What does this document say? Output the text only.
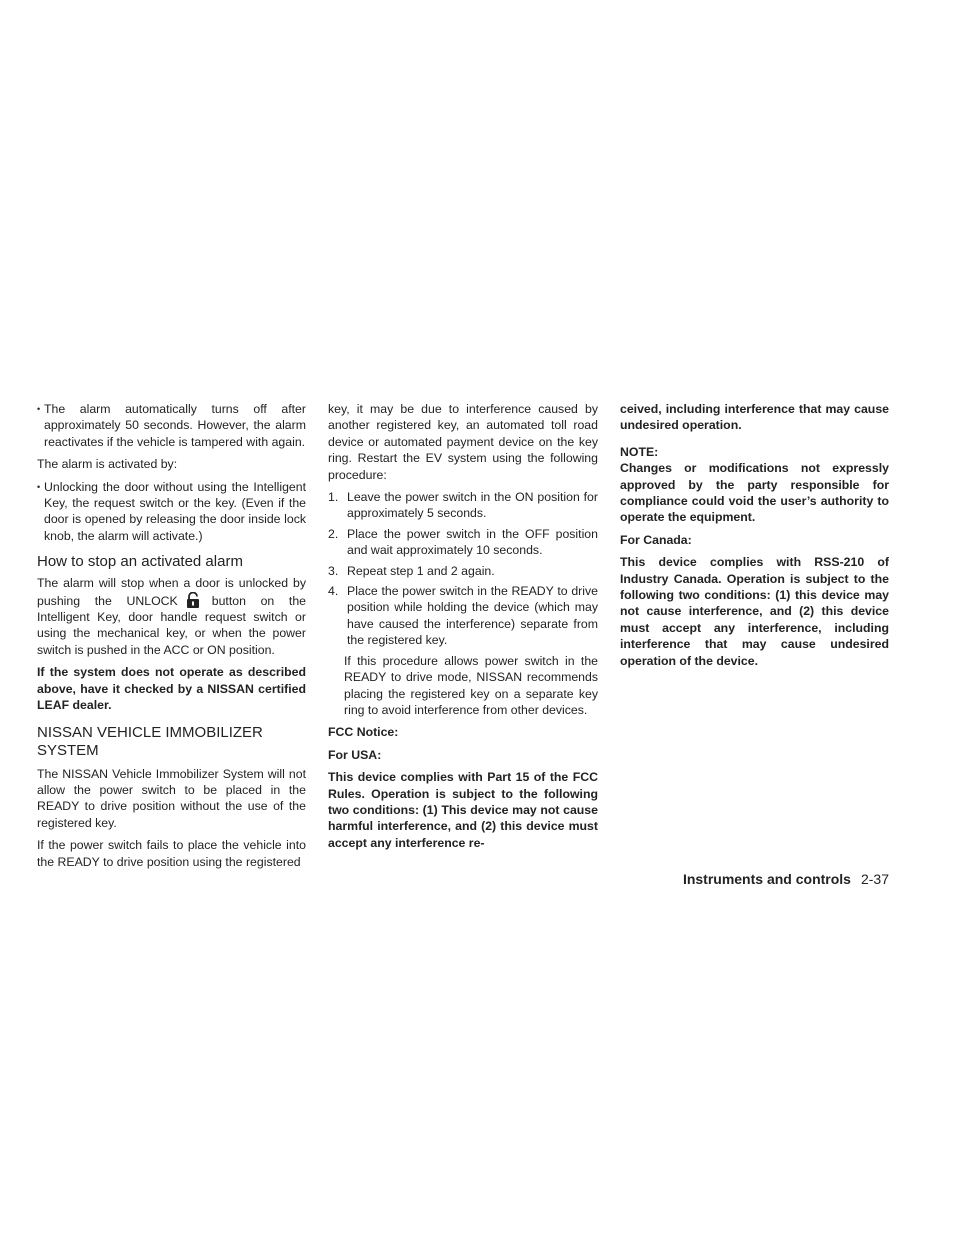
• The alarm automatically turns off after approximately 50 seconds. However, the alarm reactivates if the vehicle is tampered with again.

The alarm is activated by:

• Unlocking the door without using the Intelligent Key, the request switch or the key. (Even if the door is opened by releasing the door inside lock knob, the alarm will activate.)
How to stop an activated alarm

The alarm will stop when a door is unlocked by pushing the UNLOCK	button on the Intelligent Key, door handle request switch or using the mechanical key, or when the power switch is pushed in the ACC or ON position.

If the system does not operate as described above, have it checked by a NISSAN certified LEAF dealer.

NISSAN VEHICLE IMMOBILIZER SYSTEM

The NISSAN Vehicle Immobilizer System will not allow the power switch to be placed in the READY to drive position without the use of the registered key.

If the power switch fails to place the vehicle into the READY to drive position using the registered

key, it may be due to interference caused by another registered key, an automated toll road device or automated payment device on the key ring. Restart the EV system using the following procedure:

1. Leave the power switch in the ON position for approximately 5 seconds.
2. Place the power switch in the OFF position and wait approximately 10 seconds.
3. Repeat step 1 and 2 again.
4. Place the power switch in the READY to drive position while holding the device (which may have caused the interference) separate from the registered key.

If this procedure allows power switch in the READY to drive mode, NISSAN recommends placing the registered key on a separate key ring to avoid interference from other devices.

FCC Notice:

For USA:

This device complies with Part 15 of the FCC Rules. Operation is subject to the following two conditions: (1) This device may not cause harmful interference, and (2) this device must accept any interference re-

ceived, including interference that may cause undesired operation.

NOTE:

Changes or modifications not expressly approved by the party responsible for compliance could void the user’s authority to operate the equipment.

For Canada:

This device complies with RSS-210 of Industry Canada. Operation is subject to the following two conditions: (1) this device may not cause interference, and (2) this device must accept any interference, including interference that may cause undesired operation of the device.

Instruments and controls 2-37
